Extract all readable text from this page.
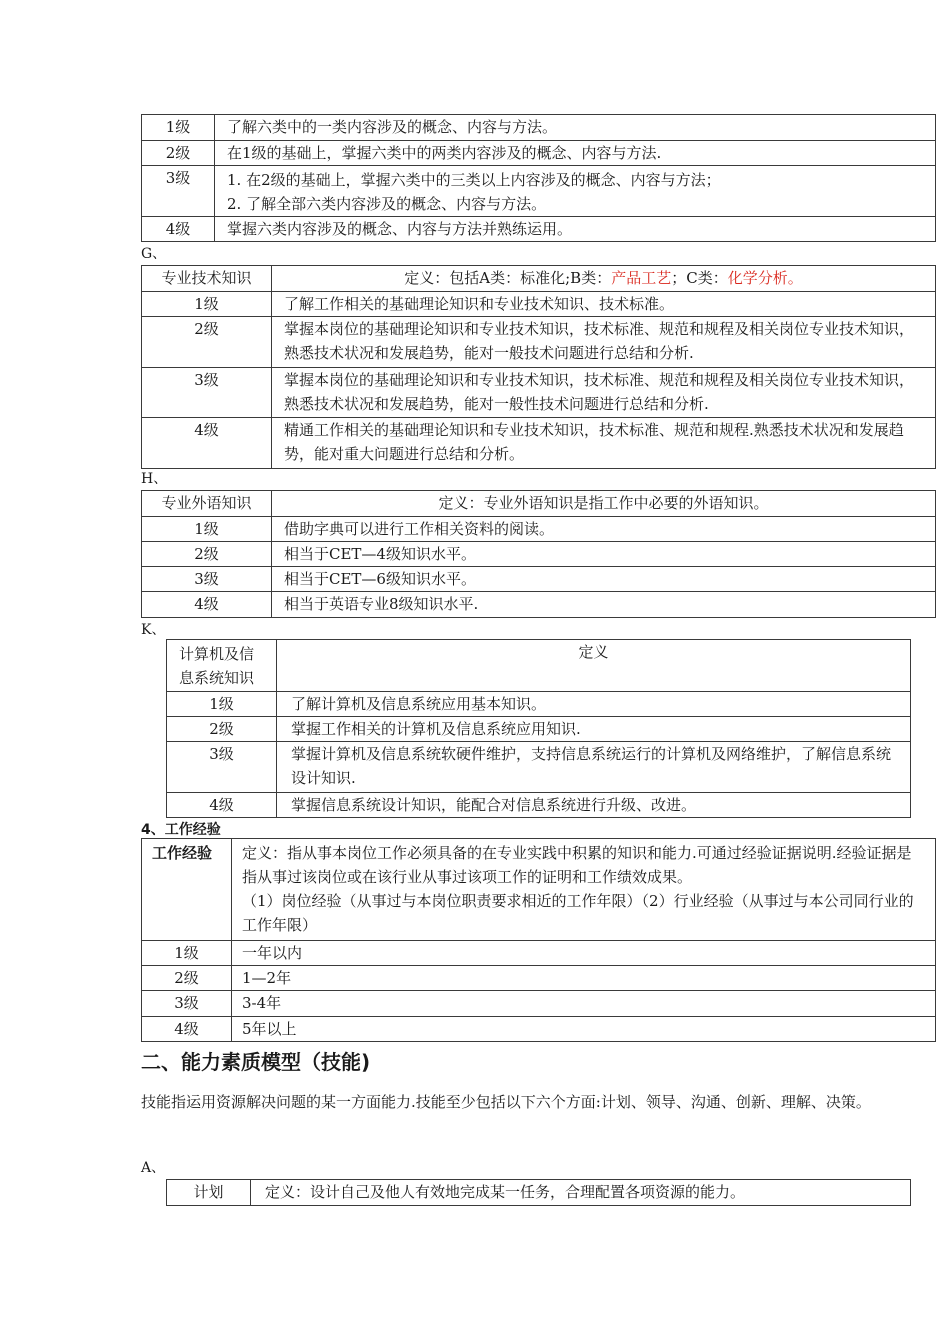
1级	了解六类中的一类内容涉及的概念、内容与方法。
2级	在1级的基础上，掌握六类中的两类内容涉及的概念、内容与方法.
3级	1. 在2级的基础上，掌握六类中的三类以上内容涉及的概念、内容与方法；
2. 了解全部六类内容涉及的概念、内容与方法。

4级	掌握六类内容涉及的概念、内容与方法并熟练运用。
G、
专业技术知识	定义：包括A类：标准化;B类：产品工艺；C类：化学分析。
1级	了解工作相关的基础理论知识和专业技术知识、技术标准。
2级	掌握本岗位的基础理论知识和专业技术知识，技术标准、规范和规程及相关岗位专业技术知识，熟悉技术状况和发展趋势，能对一般技术问题进行总结和分析.
3级	掌握本岗位的基础理论知识和专业技术知识，技术标准、规范和规程及相关岗位专业技术知识，熟悉技术状况和发展趋势，能对一般性技术问题进行总结和分析.
4级	精通工作相关的基础理论知识和专业技术知识，技术标准、规范和规程.熟悉技术状况和发展趋势，能对重大问题进行总结和分析。
H、
专业外语知识	定义：专业外语知识是指工作中必要的外语知识。
1级	借助字典可以进行工作相关资料的阅读。
2级	相当于CET—4级知识水平。
3级	相当于CET—6级知识水平。
4级	相当于英语专业8级知识水平.
K、
计算机及信息系统知识	定义
1级	了解计算机及信息系统应用基本知识。
2级	掌握工作相关的计算机及信息系统应用知识.
3级	掌握计算机及信息系统软硬件维护，支持信息系统运行的计算机及网络维护，了解信息系统设计知识.
4级	掌握信息系统设计知识，能配合对信息系统进行升级、改进。
4、工作经验
工作经验	定义：指从事本岗位工作必须具备的在专业实践中积累的知识和能力.可通过经验证据说明.经验证据是指从事过该岗位或在该行业从事过该项工作的证明和工作绩效成果。

（1）岗位经验（从事过与本岗位职责要求相近的工作年限）（2）行业经验（从事过与本公司同行业的工作年限）

1级	一年以内
2级	1—2年
3级	3-4年
4级	5年以上
二、能力素质模型（技能)
技能指运用资源解决问题的某一方面能力.技能至少包括以下六个方面:计划、领导、沟通、创新、理解、决策。
A、
计划	定义：设计自己及他人有效地完成某一任务，合理配置各项资源的能力。
